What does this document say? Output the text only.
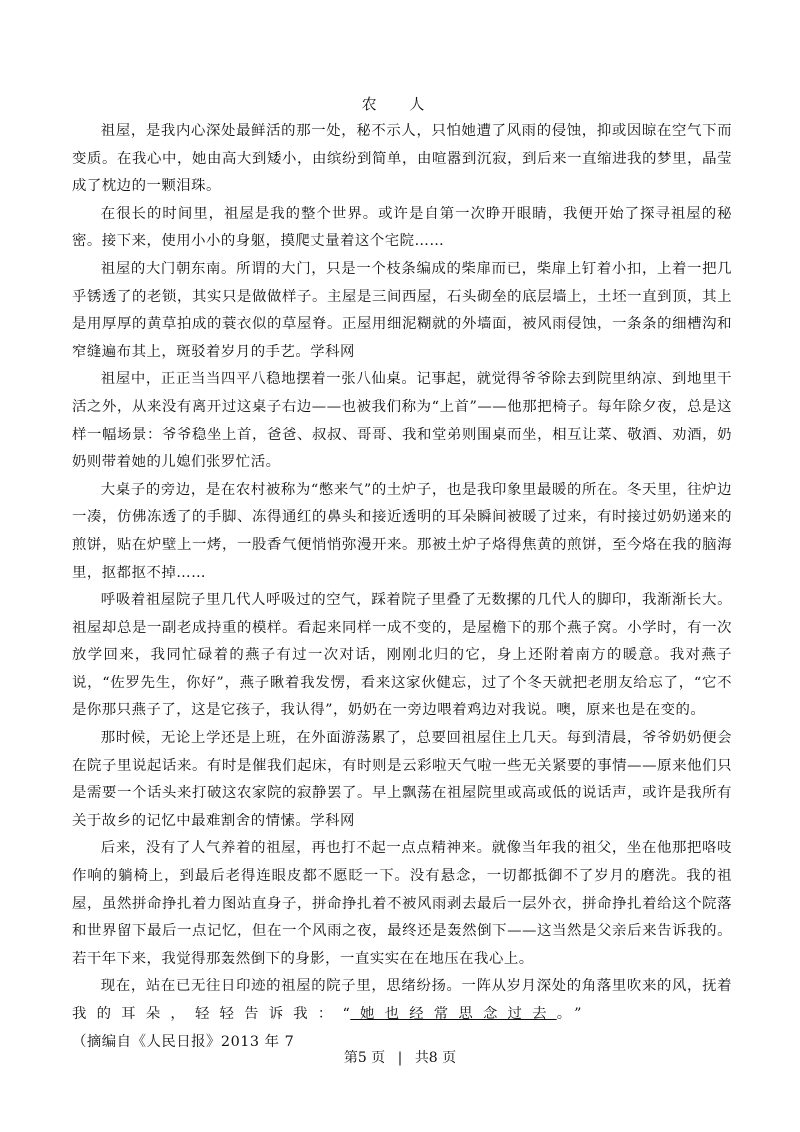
农 人

祖屋，是我内心深处最鲜活的那一处，秘不示人，只怕她遭了风雨的侵蚀，抑或因晾在空气下而变质。在我心中，她由高大到矮小，由缤纷到简单，由喧嚣到沉寂，到后来一直缩进我的梦里，晶莹成了枕边的一颗泪珠。

在很长的时间里，祖屋是我的整个世界。或许是自第一次睁开眼睛，我便开始了探寻祖屋的秘密。接下来，使用小小的身躯，摸爬丈量着这个宅院……

祖屋的大门朝东南。所谓的大门，只是一个枝条编成的柴扉而已，柴扉上钉着小扣，上着一把几乎锈透了的老锁，其实只是做做样子。主屋是三间西屋，石头砌垒的底层墙上，土坯一直到顶，其上是用厚厚的黄草拍成的蓑衣似的草屋脊。正屋用细泥糊就的外墙面，被风雨侵蚀，一条条的细槽沟和窄缝遍布其上，斑驳着岁月的手艺。学科网

祖屋中，正正当当四平八稳地摆着一张八仙桌。记事起，就觉得爷爷除去到院里纳凉、到地里干活之外，从来没有离开过这桌子右边——也被我们称为“上首”——他那把椅子。每年除夕夜，总是这样一幅场景：爷爷稳坐上首，爸爸、叔叔、哥哥、我和堂弟则围桌而坐，相互让菜、敬酒、劝酒，奶奶则带着她的儿媳们张罗忙活。

大桌子的旁边，是在农村被称为“憋来气”的土炉子，也是我印象里最暖的所在。冬天里，往炉边一凑，仿佛冻透了的手脚、冻得通红的鼻头和接近透明的耳朵瞬间被暖了过来，有时接过奶奶递来的煎饼，贴在炉壁上一烤，一股香气便悄悄弥漫开来。那被土炉子烙得焦黄的煎饼，至今烙在我的脑海里，抠都抠不掉……

呼吸着祖屋院子里几代人呼吸过的空气，踩着院子里叠了无数摞的几代人的脚印，我渐渐长大。祖屋却总是一副老成持重的模样。看起来同样一成不变的，是屋檐下的那个燕子窝。小学时，有一次放学回来，我同忙碌着的燕子有过一次对话，刚刚北归的它，身上还附着南方的暖意。我对燕子说，“佐罗先生，你好”，燕子瞅着我发愣，看来这家伙健忘，过了个冬天就把老朋友给忘了，“它不是你那只燕子了，这是它孩子，我认得”，奶奶在一旁边喂着鸡边对我说。噢，原来也是在变的。

那时候，无论上学还是上班，在外面游荡累了，总要回祖屋住上几天。每到清晨，爷爷奶奶便会在院子里说起话来。有时是催我们起床，有时则是云彩啦天气啦一些无关紧要的事情——原来他们只是需要一个话头来打破这农家院的寂静罢了。早上飘荡在祖屋院里或高或低的说话声，或许是我所有关于故乡的记忆中最难割舍的情愫。学科网

后来，没有了人气养着的祖屋，再也打不起一点点精神来。就像当年我的祖父，坐在他那把咯吱作响的躺椅上，到最后老得连眼皮都不愿眨一下。没有悬念，一切都抵御不了岁月的磨洗。我的祖屋，虽然拼命挣扎着力图站直身子，拼命挣扎着不被风雨剥去最后一层外衣，拼命挣扎着给这个院落和世界留下最后一点记忆，但在一个风雨之夜，最终还是轰然倒下——这当然是父亲后来告诉我的。若干年下来，我觉得那轰然倒下的身影，一直实实在在地压在我心上。

现在，站在已无往日印迹的祖屋的院子里，思绪纷扬。一阵从岁月深处的角落里吹来的风，抚着我的耳朵，轻轻告诉我：“她也经常思念过去。”（摘编自《人民日报》2013 年 7

第5 页 | 共8 页
